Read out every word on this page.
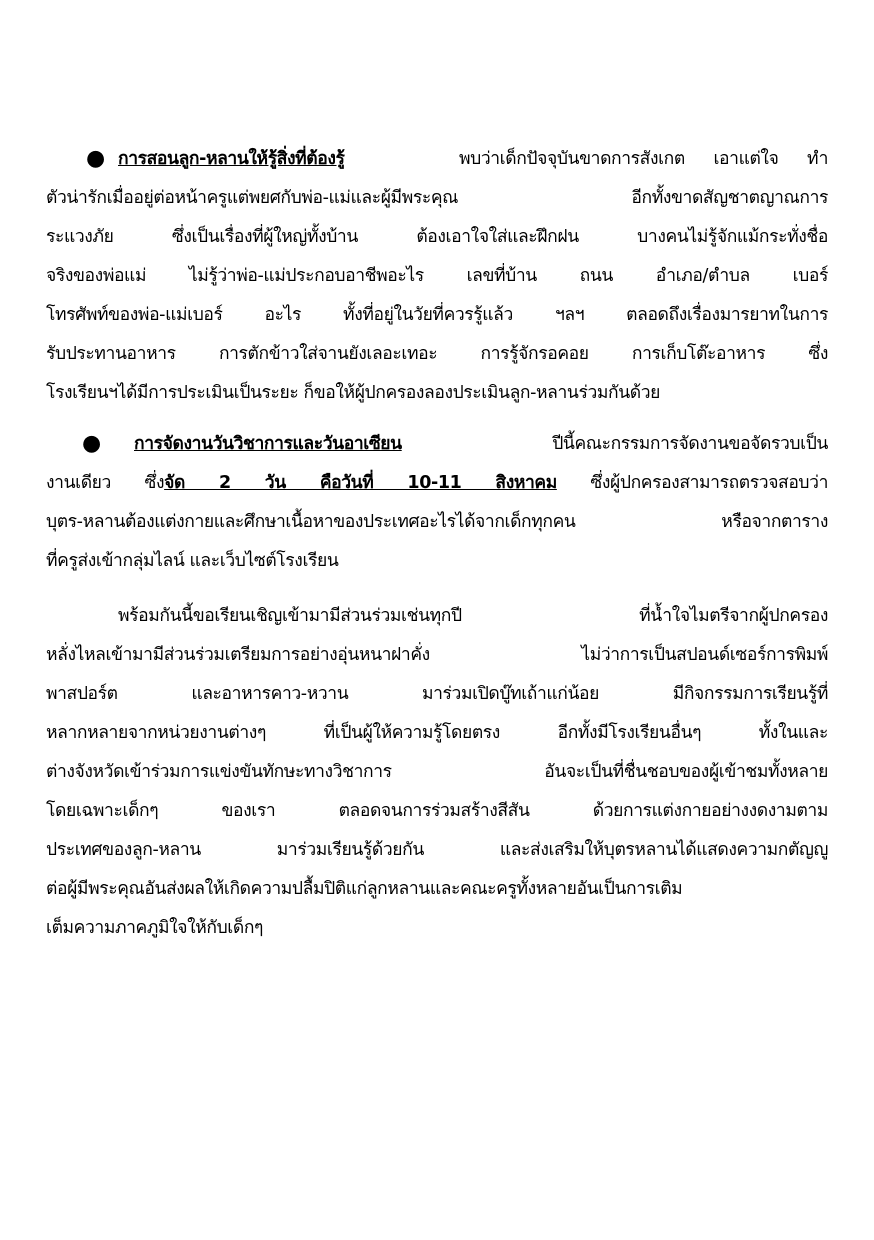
● การสอนลูก-หลานให้รู้สิ่งที่ต้องรู้	พบว่าเด็กปัจจุบันขาดการสังเกต เอาแต่ใจ ทำ
ตัวน่ารักเมื่ออยู่ต่อหน้าครูแต่พยศกับพ่อ-แม่และผู้มีพระคุณ อีกทั้งขาดสัญชาตญาณการ
ระแวงภัย ซึ่งเป็นเรื่องที่ผู้ใหญ่ทั้งบ้าน ต้องเอาใจใส่และฝึกฝน บางคนไม่รู้จักแม้กระทั่งชื่อ
จริงของพ่อแม่ ไม่รู้ว่าพ่อ-แม่ประกอบอาชีพอะไร เลขที่บ้าน ถนน อำเภอ/ตำบล เบอร์
โทรศัพท์ของพ่อ-แม่เบอร์ อะไร ทั้งที่อยู่ในวัยที่ควรรู้แล้ว ฯลฯ ตลอดถึงเรื่องมารยาทในการ
รับประทานอาหาร การตักข้าวใส่จานยังเลอะเทอะ การรู้จักรอคอย การเก็บโต๊ะอาหาร ซึ่ง
โรงเรียนฯได้มีการประเมินเป็นระยะ ก็ขอให้ผู้ปกครองลองประเมินลูก-หลานร่วมกันด้วย
● การจัดงานวันวิชาการและวันอาเซียน	ปีนี้คณะกรรมการจัดงานขอจัดรวบเป็น
งานเดียว ซึ่งจัด 2 วัน คือวันที่ 10-11 สิงหาคม ซึ่งผู้ปกครองสามารถตรวจสอบว่า
บุตร-หลานต้องแต่งกายและศึกษาเนื้อหาของประเทศอะไรได้จากเด็กทุกคน หรือจากตาราง
ที่ครูส่งเข้ากลุ่มไลน์ และเว็บไซต์โรงเรียน
พร้อมกันนี้ขอเรียนเชิญเข้ามามีส่วนร่วมเช่นทุกปี ที่น้ำใจไมตรีจากผู้ปกครอง
หลั่งไหลเข้ามามีส่วนร่วมเตรียมการอย่างอุ่นหนาฝาคั่ง ไม่ว่าการเป็นสปอนด์เซอร์การพิมพ์
พาสปอร์ต และอาหารคาว-หวาน มาร่วมเปิดบู๊ทเถ้าแก่น้อย มีกิจกรรมการเรียนรู้ที่
หลากหลายจากหน่วยงานต่างๆ ที่เป็นผู้ให้ความรู้โดยตรง อีกทั้งมีโรงเรียนอื่นๆ ทั้งในและ
ต่างจังหวัดเข้าร่วมการแข่งขันทักษะทางวิชาการ อันจะเป็นที่ชื่นชอบของผู้เข้าชมทั้งหลาย
โดยเฉพาะเด็กๆ ของเรา ตลอดจนการร่วมสร้างสีสัน ด้วยการแต่งกายอย่างงดงามตาม
ประเทศของลูก-หลาน มาร่วมเรียนรู้ด้วยกัน และส่งเสริมให้บุตรหลานได้แสดงความกตัญญู
ต่อผู้มีพระคุณอันส่งผลให้เกิดความปลื้มปิติแก่ลูกหลานและคณะครูทั้งหลายอันเป็นการเติม
เต็มความภาคภูมิใจให้กับเด็กๆ
